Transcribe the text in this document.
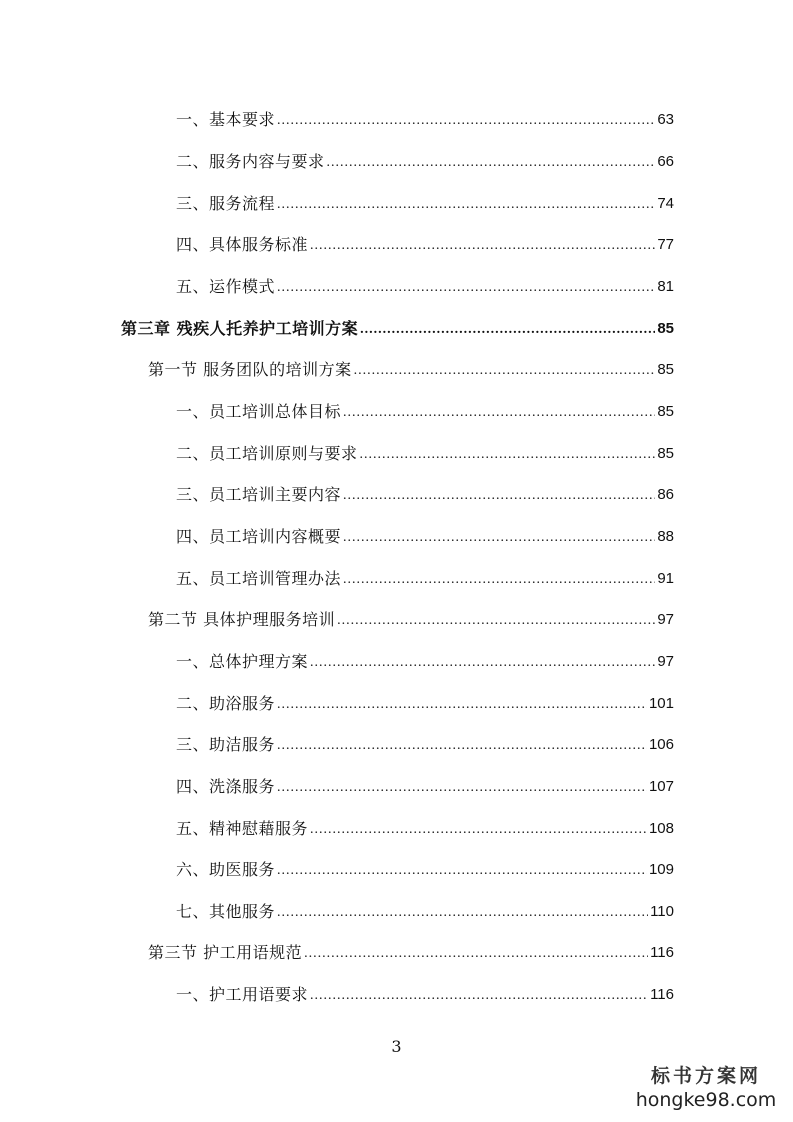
一、基本要求 .....	63
二、服务内容与要求 .....	66
三、服务流程 .....	74
四、具体服务标准 .....	77
五、运作模式 .....	81
第三章 残疾人托养护工培训方案 .....	85
第一节 服务团队的培训方案 .....	85
一、员工培训总体目标 .....	85
二、员工培训原则与要求 .....	85
三、员工培训主要内容 .....	86
四、员工培训内容概要 .....	88
五、员工培训管理办法 .....	91
第二节 具体护理服务培训 .....	97
一、总体护理方案 .....	97
二、助浴服务 .....	101
三、助洁服务 .....	106
四、洗涤服务 .....	107
五、精神慰藉服务 .....	108
六、助医服务 .....	109
七、其他服务 .....	110
第三节 护工用语规范 .....	116
一、护工用语要求 .....	116
3
标书方案网
hongke98.com
